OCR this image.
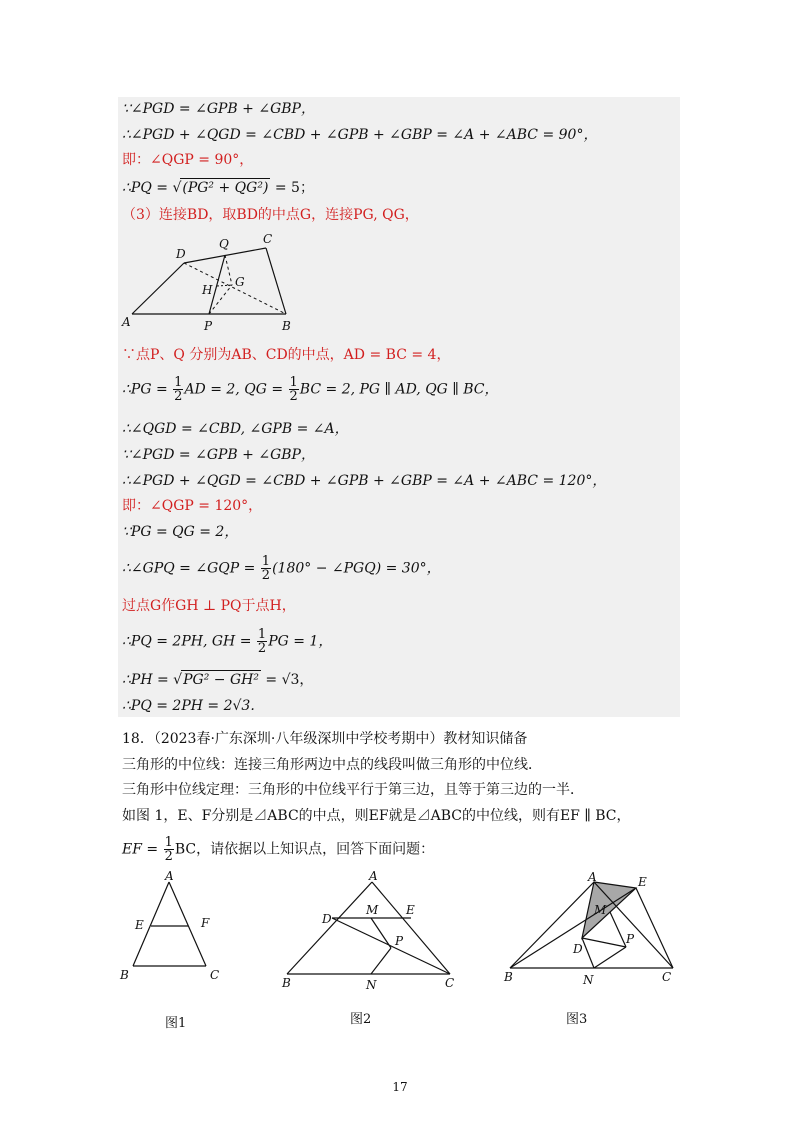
∵∠PGD = ∠GPB + ∠GBP，
∴∠PGD + ∠QGD = ∠CBD + ∠GPB + ∠GBP = ∠A + ∠ABC = 90°，
即：∠QGP = 90°，
∴PQ = √(PG² + QG²) = 5；
（3）连接BD，取BD的中点G，连接PG, QG，
D
Q	C
H
G
A	P	B
∵点P、Q 分别为AB、CD的中点，AD = BC = 4，
∴PG = $\frac{1}{2}$ AD = 2, QG = $\frac{1}{2}$ BC = 2, PG ∥ AD, QG ∥ BC，
∴∠QGD = ∠CBD, ∠GPB = ∠A，
∵∠PGD = ∠GPB + ∠GBP，
∴∠PGD + ∠QGD = ∠CBD + ∠GPB + ∠GBP = ∠A + ∠ABC = 120°，
即：∠QGP = 120°，
∵PG = QG = 2，
∴∠GPQ = ∠GQP = $\frac{1}{2} (180^\circ$ − ∠PGQ) = 30°，
过点G作GH ⊥ PQ于点H，
∴PQ = 2PH, GH = $\frac{1}{2}$ PG = 1，
∴PH = √PG² − GH² = √3，
∴PQ = 2PH = 2√3.
18．（2023春·广东深圳·八年级深圳中学校考期中）教材知识储备
三角形的中位线：连接三角形两边中点的线段叫做三角形的中位线．
三角形中位线定理：三角形的中位线平行于第三边，且等于第三边的一半．
如图 1，E、F分别是⊿ABC的中点，则EF就是⊿ABC的中位线，则有EF ∥ BC，
EF = $\frac{1}{2}$ BC，请依据以上知识点，回答下面问题：
A
E	F
B	C
图1
A
D
M E
P
B	N	C
图2
A	E
M
D
P
B	N	C
图3
17
